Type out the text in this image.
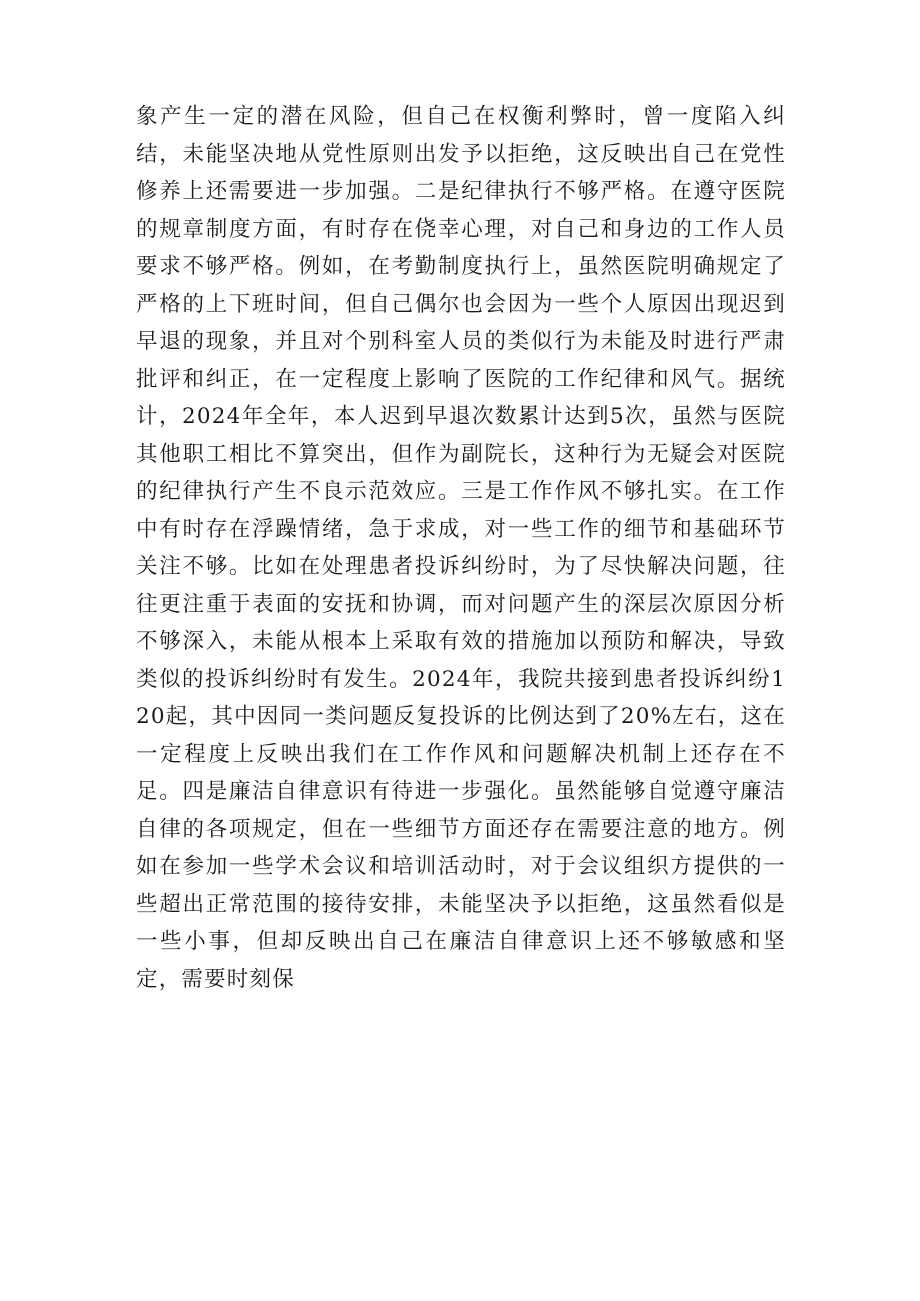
象产生一定的潜在风险，但自己在权衡利弊时，曾一度陷入纠结，未能坚决地从党性原则出发予以拒绝，这反映出自己在党性修养上还需要进一步加强。二是纪律执行不够严格。在遵守医院的规章制度方面，有时存在侥幸心理，对自己和身边的工作人员要求不够严格。例如，在考勤制度执行上，虽然医院明确规定了严格的上下班时间，但自己偶尔也会因为一些个人原因出现迟到早退的现象，并且对个别科室人员的类似行为未能及时进行严肃批评和纠正，在一定程度上影响了医院的工作纪律和风气。据统计，2024年全年，本人迟到早退次数累计达到5次，虽然与医院其他职工相比不算突出，但作为副院长，这种行为无疑会对医院的纪律执行产生不良示范效应。三是工作作风不够扎实。在工作中有时存在浮躁情绪，急于求成，对一些工作的细节和基础环节关注不够。比如在处理患者投诉纠纷时，为了尽快解决问题，往往更注重于表面的安抚和协调，而对问题产生的深层次原因分析不够深入，未能从根本上采取有效的措施加以预防和解决，导致类似的投诉纠纷时有发生。2024年，我院共接到患者投诉纠纷120起，其中因同一类问题反复投诉的比例达到了20%左右，这在一定程度上反映出我们在工作作风和问题解决机制上还存在不足。四是廉洁自律意识有待进一步强化。虽然能够自觉遵守廉洁自律的各项规定，但在一些细节方面还存在需要注意的地方。例如在参加一些学术会议和培训活动时，对于会议组织方提供的一些超出正常范围的接待安排，未能坚决予以拒绝，这虽然看似是一些小事，但却反映出自己在廉洁自律意识上还不够敏感和坚定，需要时刻保
